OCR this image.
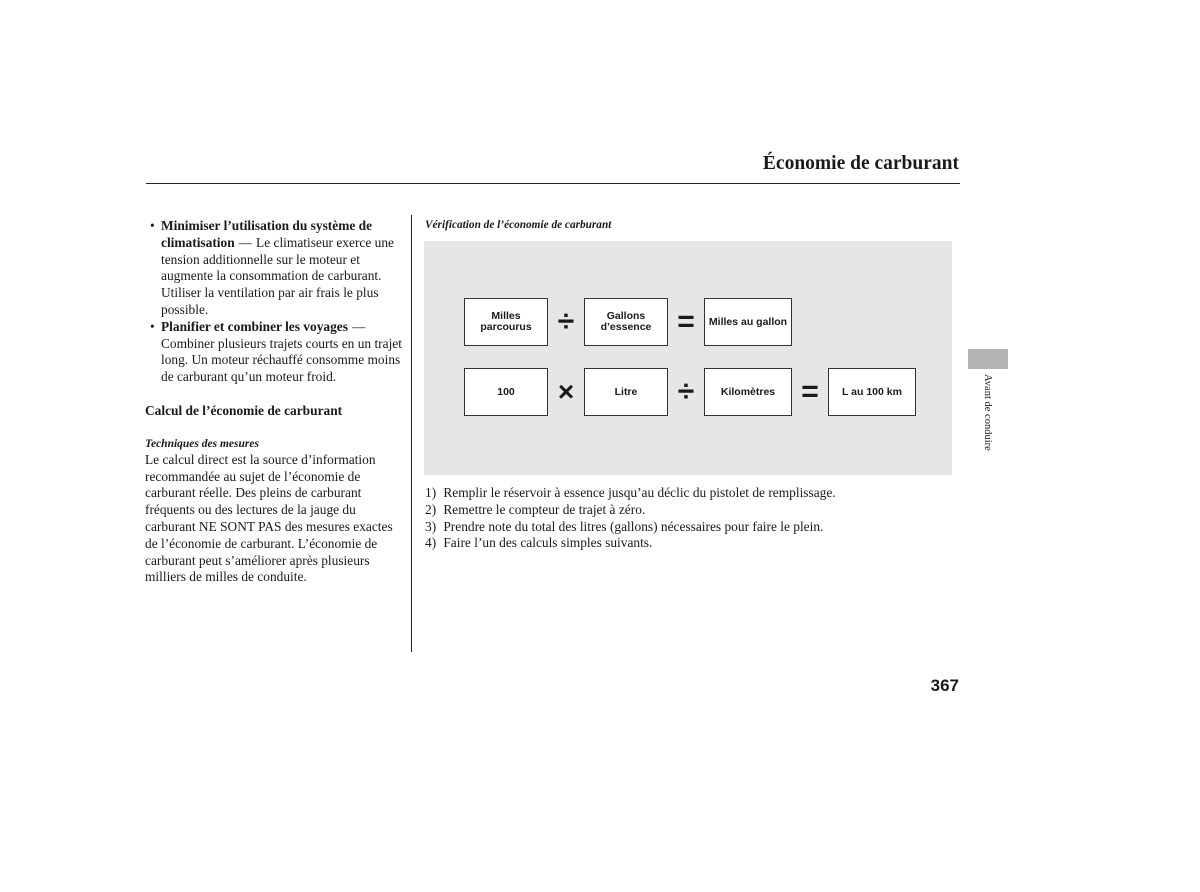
Économie de carburant
• Minimiser l’utilisation du système de climatisation — Le climatiseur exerce une tension additionnelle sur le moteur et augmente la consommation de carburant. Utiliser la ventilation par air frais le plus possible.
• Planifier et combiner les voyages —Combiner plusieurs trajets courts en un trajet long. Un moteur réchauffé consomme moins de carburant qu’un moteur froid.
Calcul de l’économie de carburant
Techniques des mesures
Le calcul direct est la source d’information recommandée au sujet de l’économie de carburant réelle. Des pleins de carburant fréquents ou des lectures de la jauge du carburant NE SONT PAS des mesures exactes de l’économie de carburant. L’économie de carburant peut s’améliorer après plusieurs milliers de milles de conduite.
Vérification de l’économie de carburant
Milles parcourus ÷	Gallons d’essence =	Milles au gallon
100	×	Litre	÷	Kilomètres =	L au 100 km
1) Remplir le réservoir à essence jusqu’au déclic du pistolet de remplissage.
2) Remettre le compteur de trajet à zéro.
3) Prendre note du total des litres (gallons) nécessaires pour faire le plein.
4) Faire l’un des calculs simples suivants.
Avant de conduire
367
